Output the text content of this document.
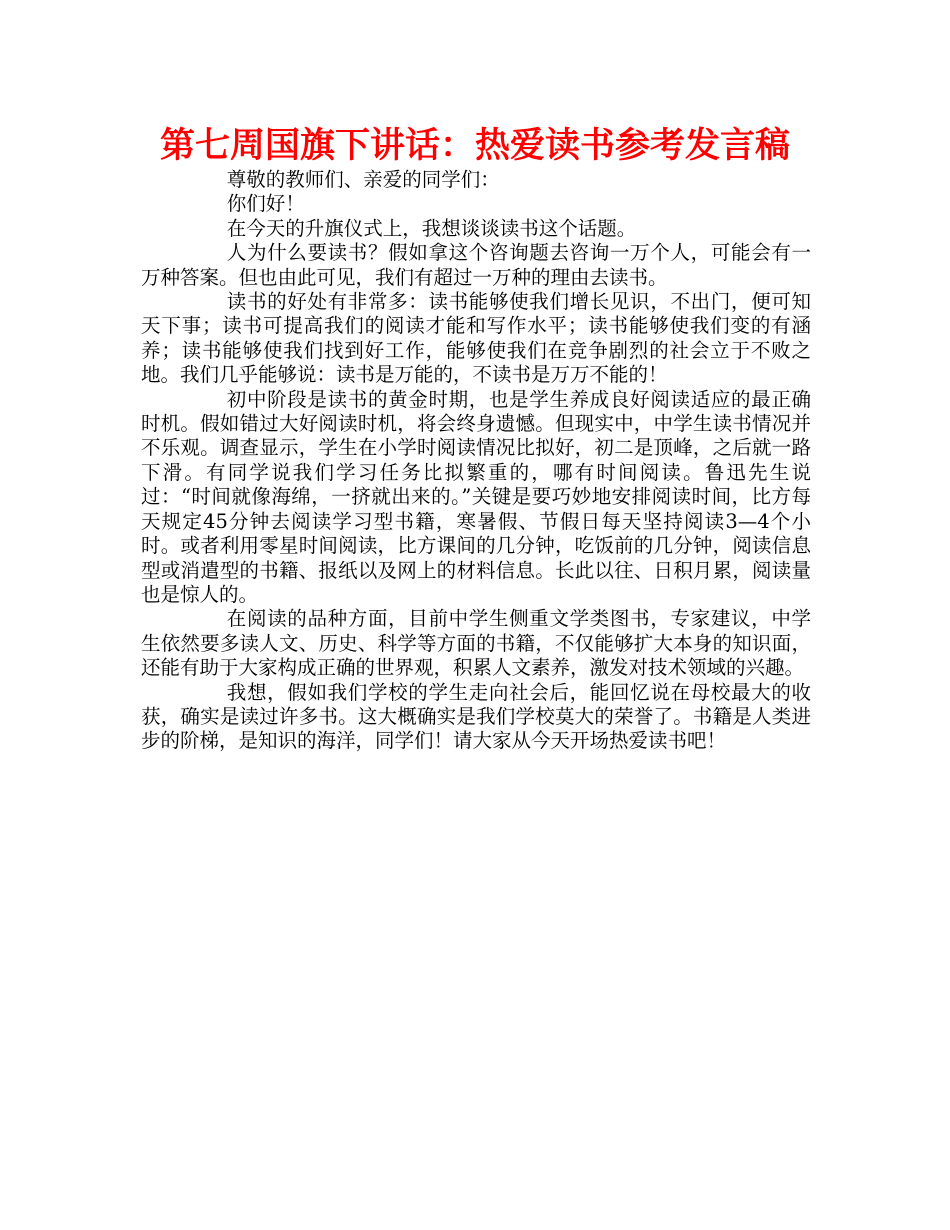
第七周国旗下讲话：热爱读书参考发言稿

尊敬的教师们、亲爱的同学们：

你们好！

在今天的升旗仪式上，我想谈谈读书这个话题。

人为什么要读书？假如拿这个咨询题去咨询一万个人，可能会有一万种答案。但也由此可见，我们有超过一万种的理由去读书。

读书的好处有非常多：读书能够使我们增长见识，不出门，便可知天下事；读书可提高我们的阅读才能和写作水平；读书能够使我们变的有涵养；读书能够使我们找到好工作，能够使我们在竞争剧烈的社会立于不败之地。我们几乎能够说：读书是万能的，不读书是万万不能的！

初中阶段是读书的黄金时期，也是学生养成良好阅读适应的最正确时机。假如错过大好阅读时机，将会终身遗憾。但现实中，中学生读书情况并不乐观。调查显示，学生在小学时阅读情况比拟好，初二是顶峰，之后就一路下滑。有同学说我们学习任务比拟繁重的，哪有时间阅读。鲁迅先生说过：“时间就像海绵，一挤就出来的。”关键是要巧妙地安排阅读时间，比方每天规定45分钟去阅读学习型书籍，寒暑假、节假日每天坚持阅读3—4个小时。或者利用零星时间阅读，比方课间的几分钟，吃饭前的几分钟，阅读信息型或消遣型的书籍、报纸以及网上的材料信息。长此以往、日积月累，阅读量也是惊人的。

在阅读的品种方面，目前中学生侧重文学类图书，专家建议，中学生依然要多读人文、历史、科学等方面的书籍，不仅能够扩大本身的知识面，还能有助于大家构成正确的世界观，积累人文素养，激发对技术领域的兴趣。

我想，假如我们学校的学生走向社会后，能回忆说在母校最大的收获，确实是读过许多书。这大概确实是我们学校莫大的荣誉了。书籍是人类进步的阶梯，是知识的海洋，同学们！请大家从今天开场热爱读书吧！
